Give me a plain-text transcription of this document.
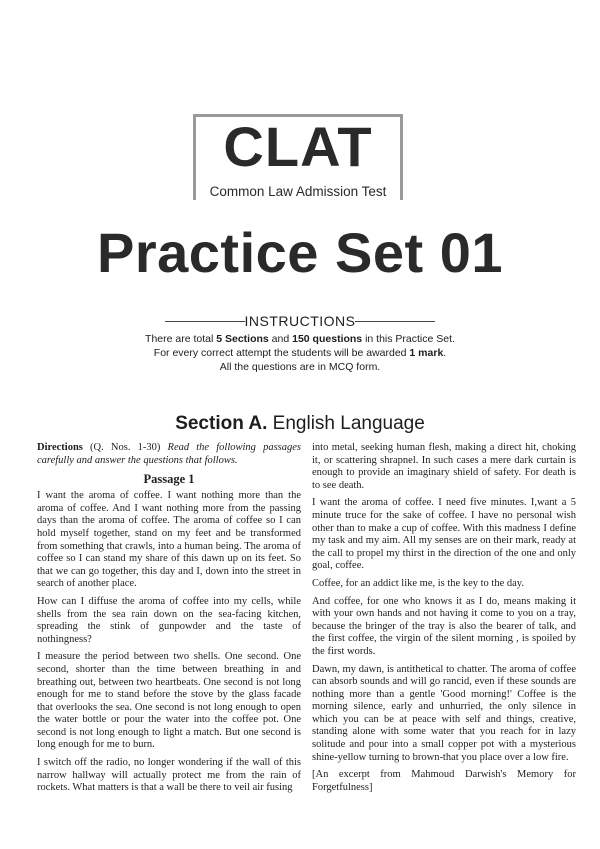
CLAT
Common Law Admission Test
Practice Set 01
INSTRUCTIONS
There are total 5 Sections and 150 questions in this Practice Set.
For every correct attempt the students will be awarded 1 mark.
All the questions are in MCQ form.
Section A. English Language

Directions (Q. Nos. 1-30) Read the following passages carefully and answer the questions that follows.

Passage 1

I want the aroma of coffee. I want nothing more than the aroma of coffee. And I want nothing more from the passing days than the aroma of coffee. The aroma of coffee so I can hold myself together, stand on my feet and be transformed from something that crawls, into a human being. The aroma of coffee so I can stand my share of this dawn up on its feet. So that we can go together, this day and I, down into the street in search of another place.

How can I diffuse the aroma of coffee into my cells, while shells from the sea rain down on the sea-facing kitchen, spreading the stink of gunpowder and the taste of nothingness?

I measure the period between two shells. One second. One second, shorter than the time between breathing in and breathing out, between two heartbeats. One second is not long enough for me to stand before the stove by the glass facade that overlooks the sea. One second is not long enough to open the water bottle or pour the water into the coffee pot. One second is not long enough to light a match. But one second is long enough for me to burn.

I switch off the radio, no longer wondering if the wall of this narrow hallway will actually protect me from the rain of rockets. What matters is that a wall be there to veil air fusing

into metal, seeking human flesh, making a direct hit, choking it, or scattering shrapnel. In such cases a mere dark curtain is enough to provide an imaginary shield of safety. For death is to see death.

I want the aroma of coffee. I need five minutes. I,want a 5 minute truce for the sake of coffee. I have no personal wish other than to make a cup of coffee. With this madness I define my task and my aim. All my senses are on their mark, ready at the call to propel my thirst in the direction of the one and only goal, coffee.

Coffee, for an addict like me, is the key to the day.

And coffee, for one who knows it as I do, means making it with your own hands and not having it come to you on a tray, because the bringer of the tray is also the bearer of talk, and the first coffee, the virgin of the silent morning , is spoiled by the first words.

Dawn, my dawn, is antithetical to chatter. The aroma of coffee can absorb sounds and will go rancid, even if these sounds are nothing more than a gentle 'Good morning!' Coffee is the morning silence, early and unhurried, the only silence in which you can be at peace with self and things, creative, standing alone with some water that you reach for in lazy solitude and pour into a small copper pot with a mysterious shine-yellow turning to brown-that you place over a low fire.

[An excerpt from Mahmoud Darwish's Memory for Forgetfulness]
